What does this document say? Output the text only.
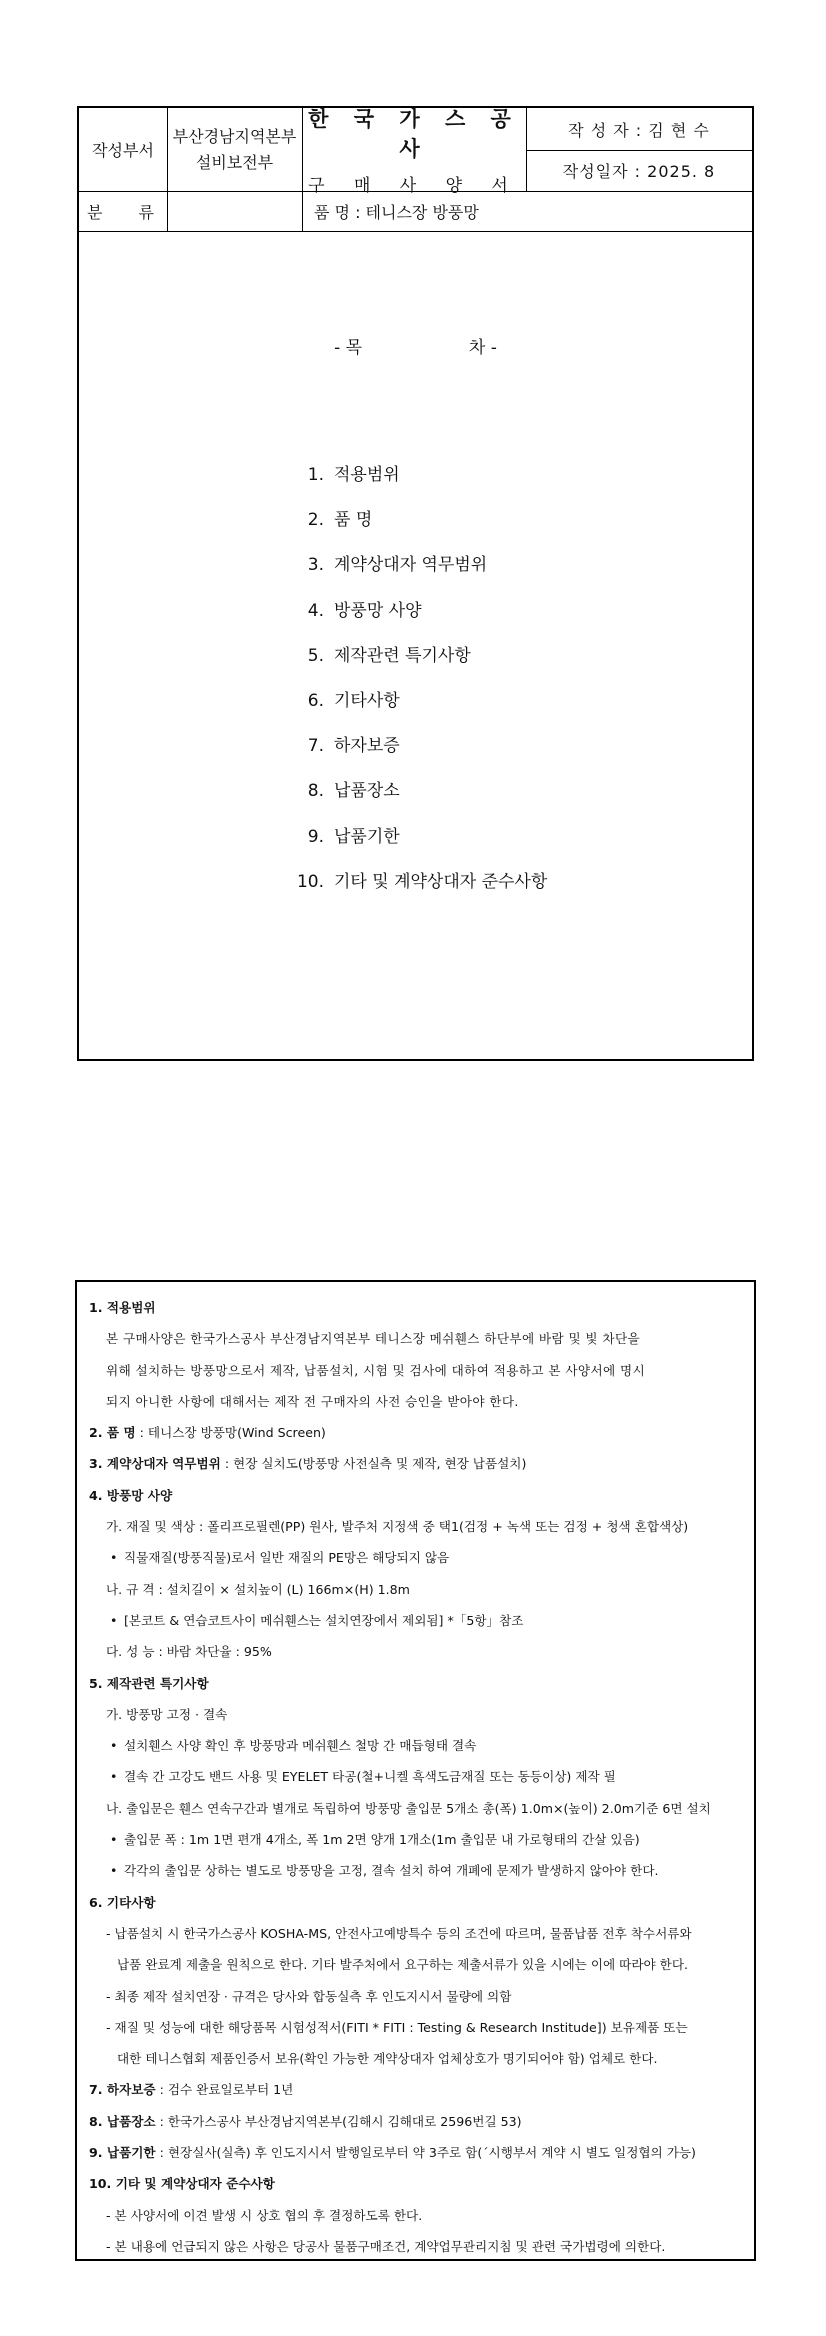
작성부서
부산경남지역본부
설비보전부
한 국 가 스 공 사
구 매 사 양 서
작 성 자 : 김 현 수
작성일자 : 2025. 8
분 류	품 명 : 테니스장 방풍망
- 목	차 -
1. 적용범위
2. 품 명
3. 계약상대자 역무범위
4. 방풍망 사양
5. 제작관련 특기사항
6. 기타사항
7. 하자보증
8. 납품장소
9. 납품기한
10. 기타 및 계약상대자 준수사항
1. 적용범위
본 구매사양은 한국가스공사 부산경남지역본부 테니스장 메쉬휀스 하단부에 바람 및 빛 차단을
위해 설치하는 방풍망으로서 제작, 납품설치, 시험 및 검사에 대하여 적용하고 본 사양서에 명시
되지 아니한 사항에 대해서는 제작 전 구매자의 사전 승인을 받아야 한다.
2. 품 명 : 테니스장 방풍망(Wind Screen)
3. 계약상대자 역무범위 : 현장 실치도(방풍망 사전실측 및 제작, 현장 납품설치)
4. 방풍망 사양
가. 재질 및 색상 : 폴리프로필렌(PP) 원사, 발주처 지정색 중 택1(검정 + 녹색 또는 검정 + 청색 혼합색상)
• 직물재질(방풍직물)로서 일반 재질의 PE망은 해당되지 않음
나. 규 격 : 설치길이 × 설치높이 (L) 166m×(H) 1.8m
• [본코트 & 연습코트사이 메쉬휀스는 설치연장에서 제외됨] *「5항」참조
다. 성 능 : 바람 차단율 : 95%
5. 제작관련 특기사항
가. 방풍망 고정 · 결속
• 설치휀스 사양 확인 후 방풍망과 메쉬휀스 철망 간 매듭형태 결속
• 결속 간 고강도 밴드 사용 및 EYELET 타공(철+니켈 흑색도금재질 또는 동등이상) 제작 필
나. 출입문은 휀스 연속구간과 별개로 독립하여 방풍망 출입문 5개소 총(폭) 1.0m×(높이) 2.0m기준 6면 설치
• 출입문 폭 : 1m 1면 편개 4개소, 폭 1m 2면 양개 1개소(1m 출입문 내 가로형태의 간살 있음)
• 각각의 출입문 상하는 별도로 방풍망을 고정, 결속 설치 하여 개폐에 문제가 발생하지 않아야 한다.
6. 기타사항
- 납품설치 시 한국가스공사 KOSHA-MS, 안전사고예방특수 등의 조건에 따르며, 물품납품 전후 착수서류와
납품 완료계 제출을 원칙으로 한다. 기타 발주처에서 요구하는 제출서류가 있을 시에는 이에 따라야 한다.
- 최종 제작 설치연장 · 규격은 당사와 합동실측 후 인도지시서 물량에 의함
- 재질 및 성능에 대한 해당품목 시험성적서(FITI * FITI : Testing & Research Institude]) 보유제품 또는
대한 테니스협회 제품인증서 보유(확인 가능한 계약상대자 업체상호가 명기되어야 함) 업체로 한다.
7. 하자보증 : 검수 완료일로부터 1년
8. 납품장소 : 한국가스공사 부산경남지역본부(김해시 김해대로 2596번길 53)
9. 납품기한 : 현장실사(실측) 후 인도지시서 발행일로부터 약 3주로 함(´시행부서 계약 시 별도 일정협의 가능)
10. 기타 및 계약상대자 준수사항
- 본 사양서에 이견 발생 시 상호 협의 후 결정하도록 한다.
- 본 내용에 언급되지 않은 사항은 당공사 물품구매조건, 계약업무관리지침 및 관련 국가법령에 의한다.
